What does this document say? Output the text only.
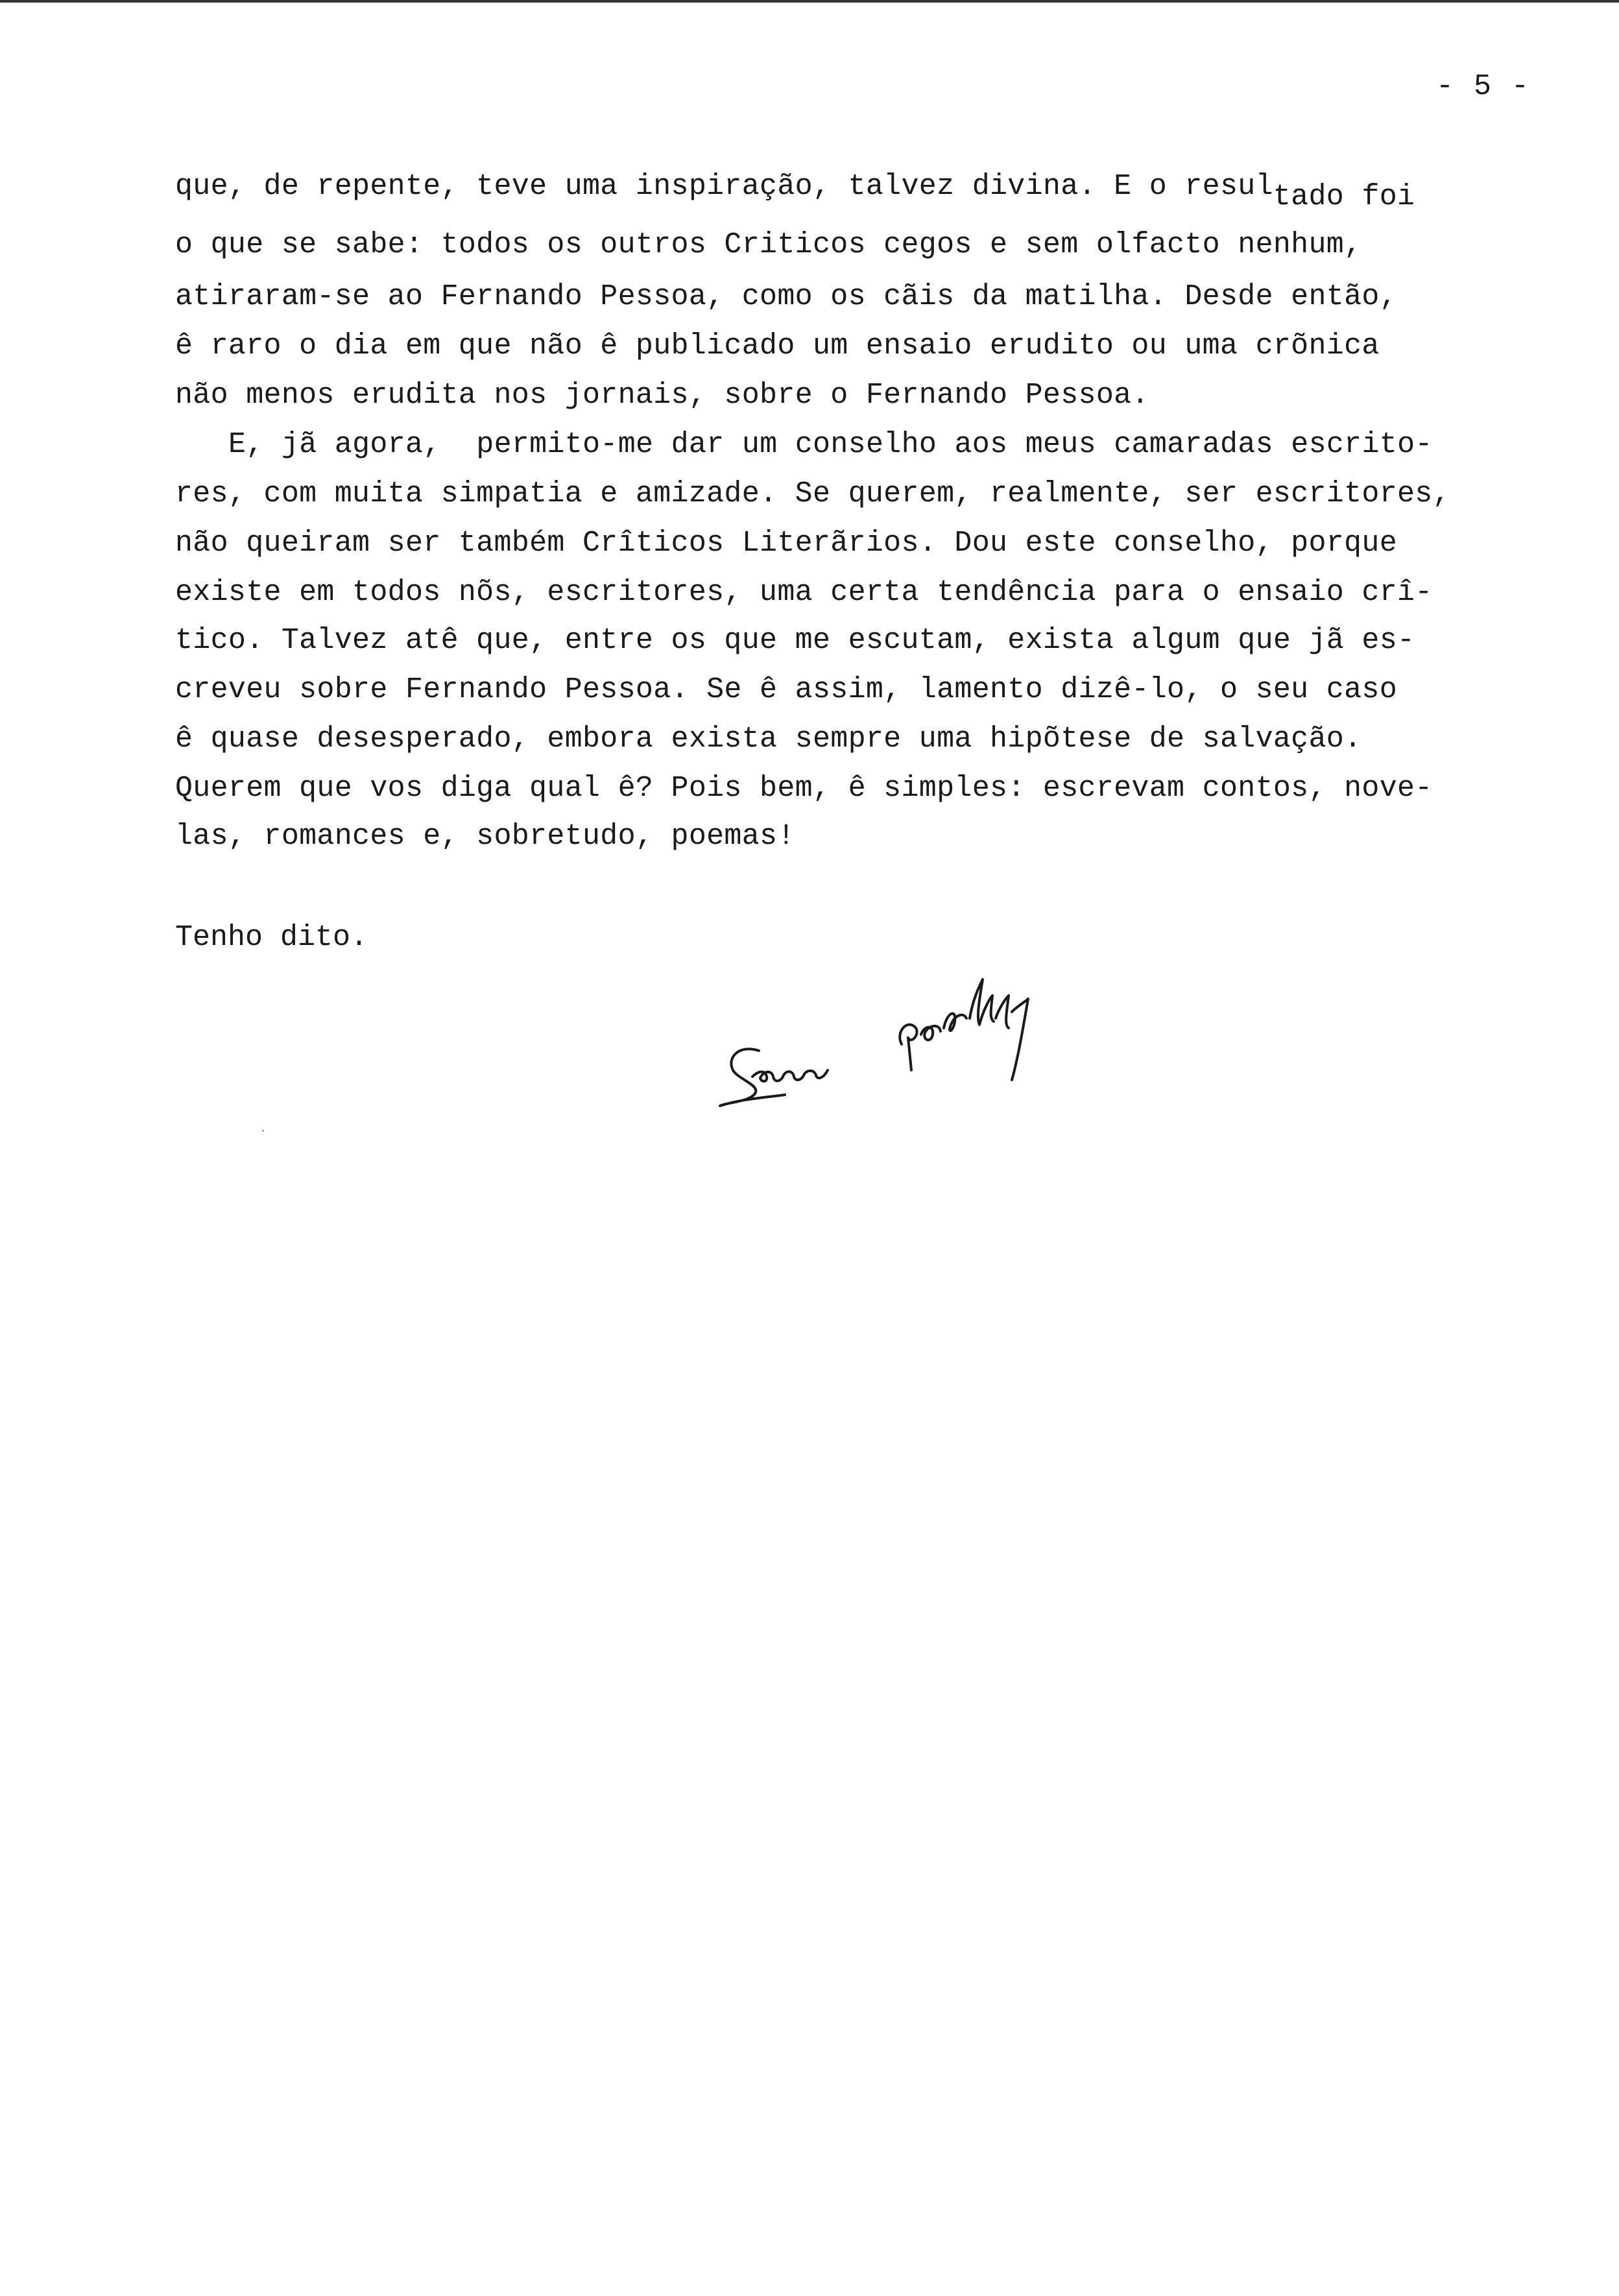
- 5 -
que, de repente, teve uma inspiração, talvez divina. E o resultado foi
o que se sabe: todos os outros Criticos cegos e sem olfacto nenhum,
atiraram-se ao Fernando Pessoa, como os cãis da matilha. Desde então,
ê raro o dia em que não ê publicado um ensaio erudito ou uma crõnica
não menos erudita nos jornais, sobre o Fernando Pessoa.
E, jã agora,  permito-me dar um conselho aos meus camaradas escrito-
res, com muita simpatia e amizade. Se querem, realmente, ser escritores,
não queiram ser também Crîticos Literãrios. Dou este conselho, porque
existe em todos nõs, escritores, uma certa tendência para o ensaio crî-
tico. Talvez atê que, entre os que me escutam, exista algum que jã es-
creveu sobre Fernando Pessoa. Se ê assim, lamento dizê-lo, o seu caso
ê quase desesperado, embora exista sempre uma hipõtese de salvação.
Querem que vos diga qual ê? Pois bem, ê simples: escrevam contos, nove-
las, romances e, sobretudo, poemas!
Tenho dito.
